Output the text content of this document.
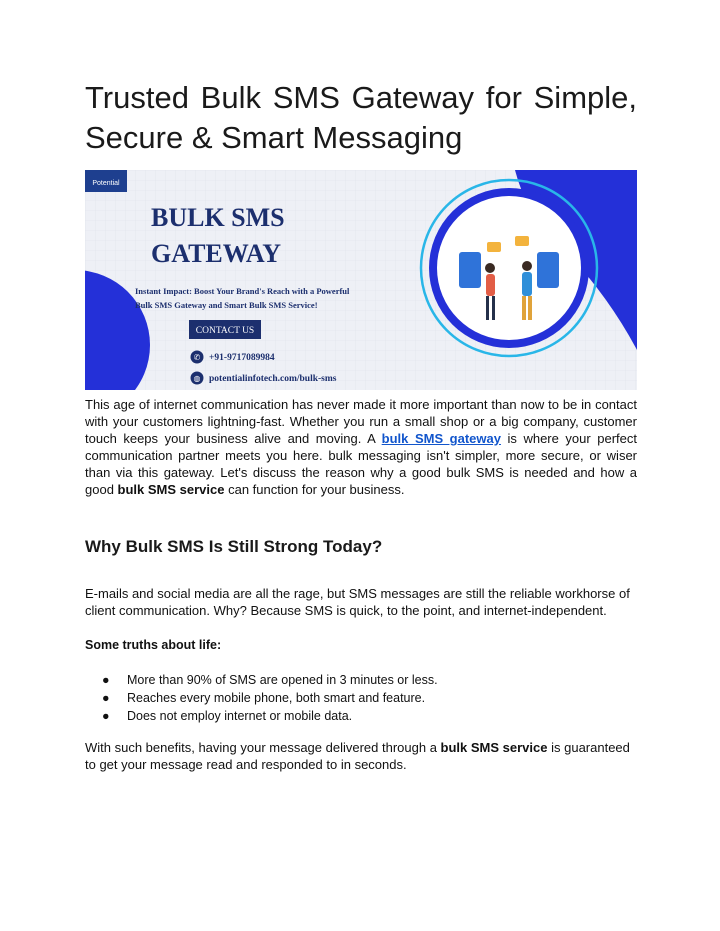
Trusted Bulk SMS Gateway for Simple, Secure & Smart Messaging
Potential
BULK SMS
GATEWAY
Instant Impact: Boost Your Brand's Reach with a Powerful
Bulk SMS Gateway and Smart Bulk SMS Service!
CONTACT US
✆ +91-9717089984
◍ potentialinfotech.com/bulk-sms

This age of internet communication has never made it more important than now to be in contact with your customers lightning-fast. Whether you run a small shop or a big company, customer touch keeps your business alive and moving. A bulk SMS gateway is where your perfect communication partner meets you here. bulk messaging isn't simpler, more secure, or wiser than via this gateway. Let's discuss the reason why a good bulk SMS is needed and how a good bulk SMS service can function for your business.

Why Bulk SMS Is Still Strong Today?

E-mails and social media are all the rage, but SMS messages are still the reliable workhorse of client communication. Why? Because SMS is quick, to the point, and internet-independent.

Some truths about life:

● More than 90% of SMS are opened in 3 minutes or less.
● Reaches every mobile phone, both smart and feature.
● Does not employ internet or mobile data.

With such benefits, having your message delivered through a bulk SMS service is guaranteed to get your message read and responded to in seconds.
